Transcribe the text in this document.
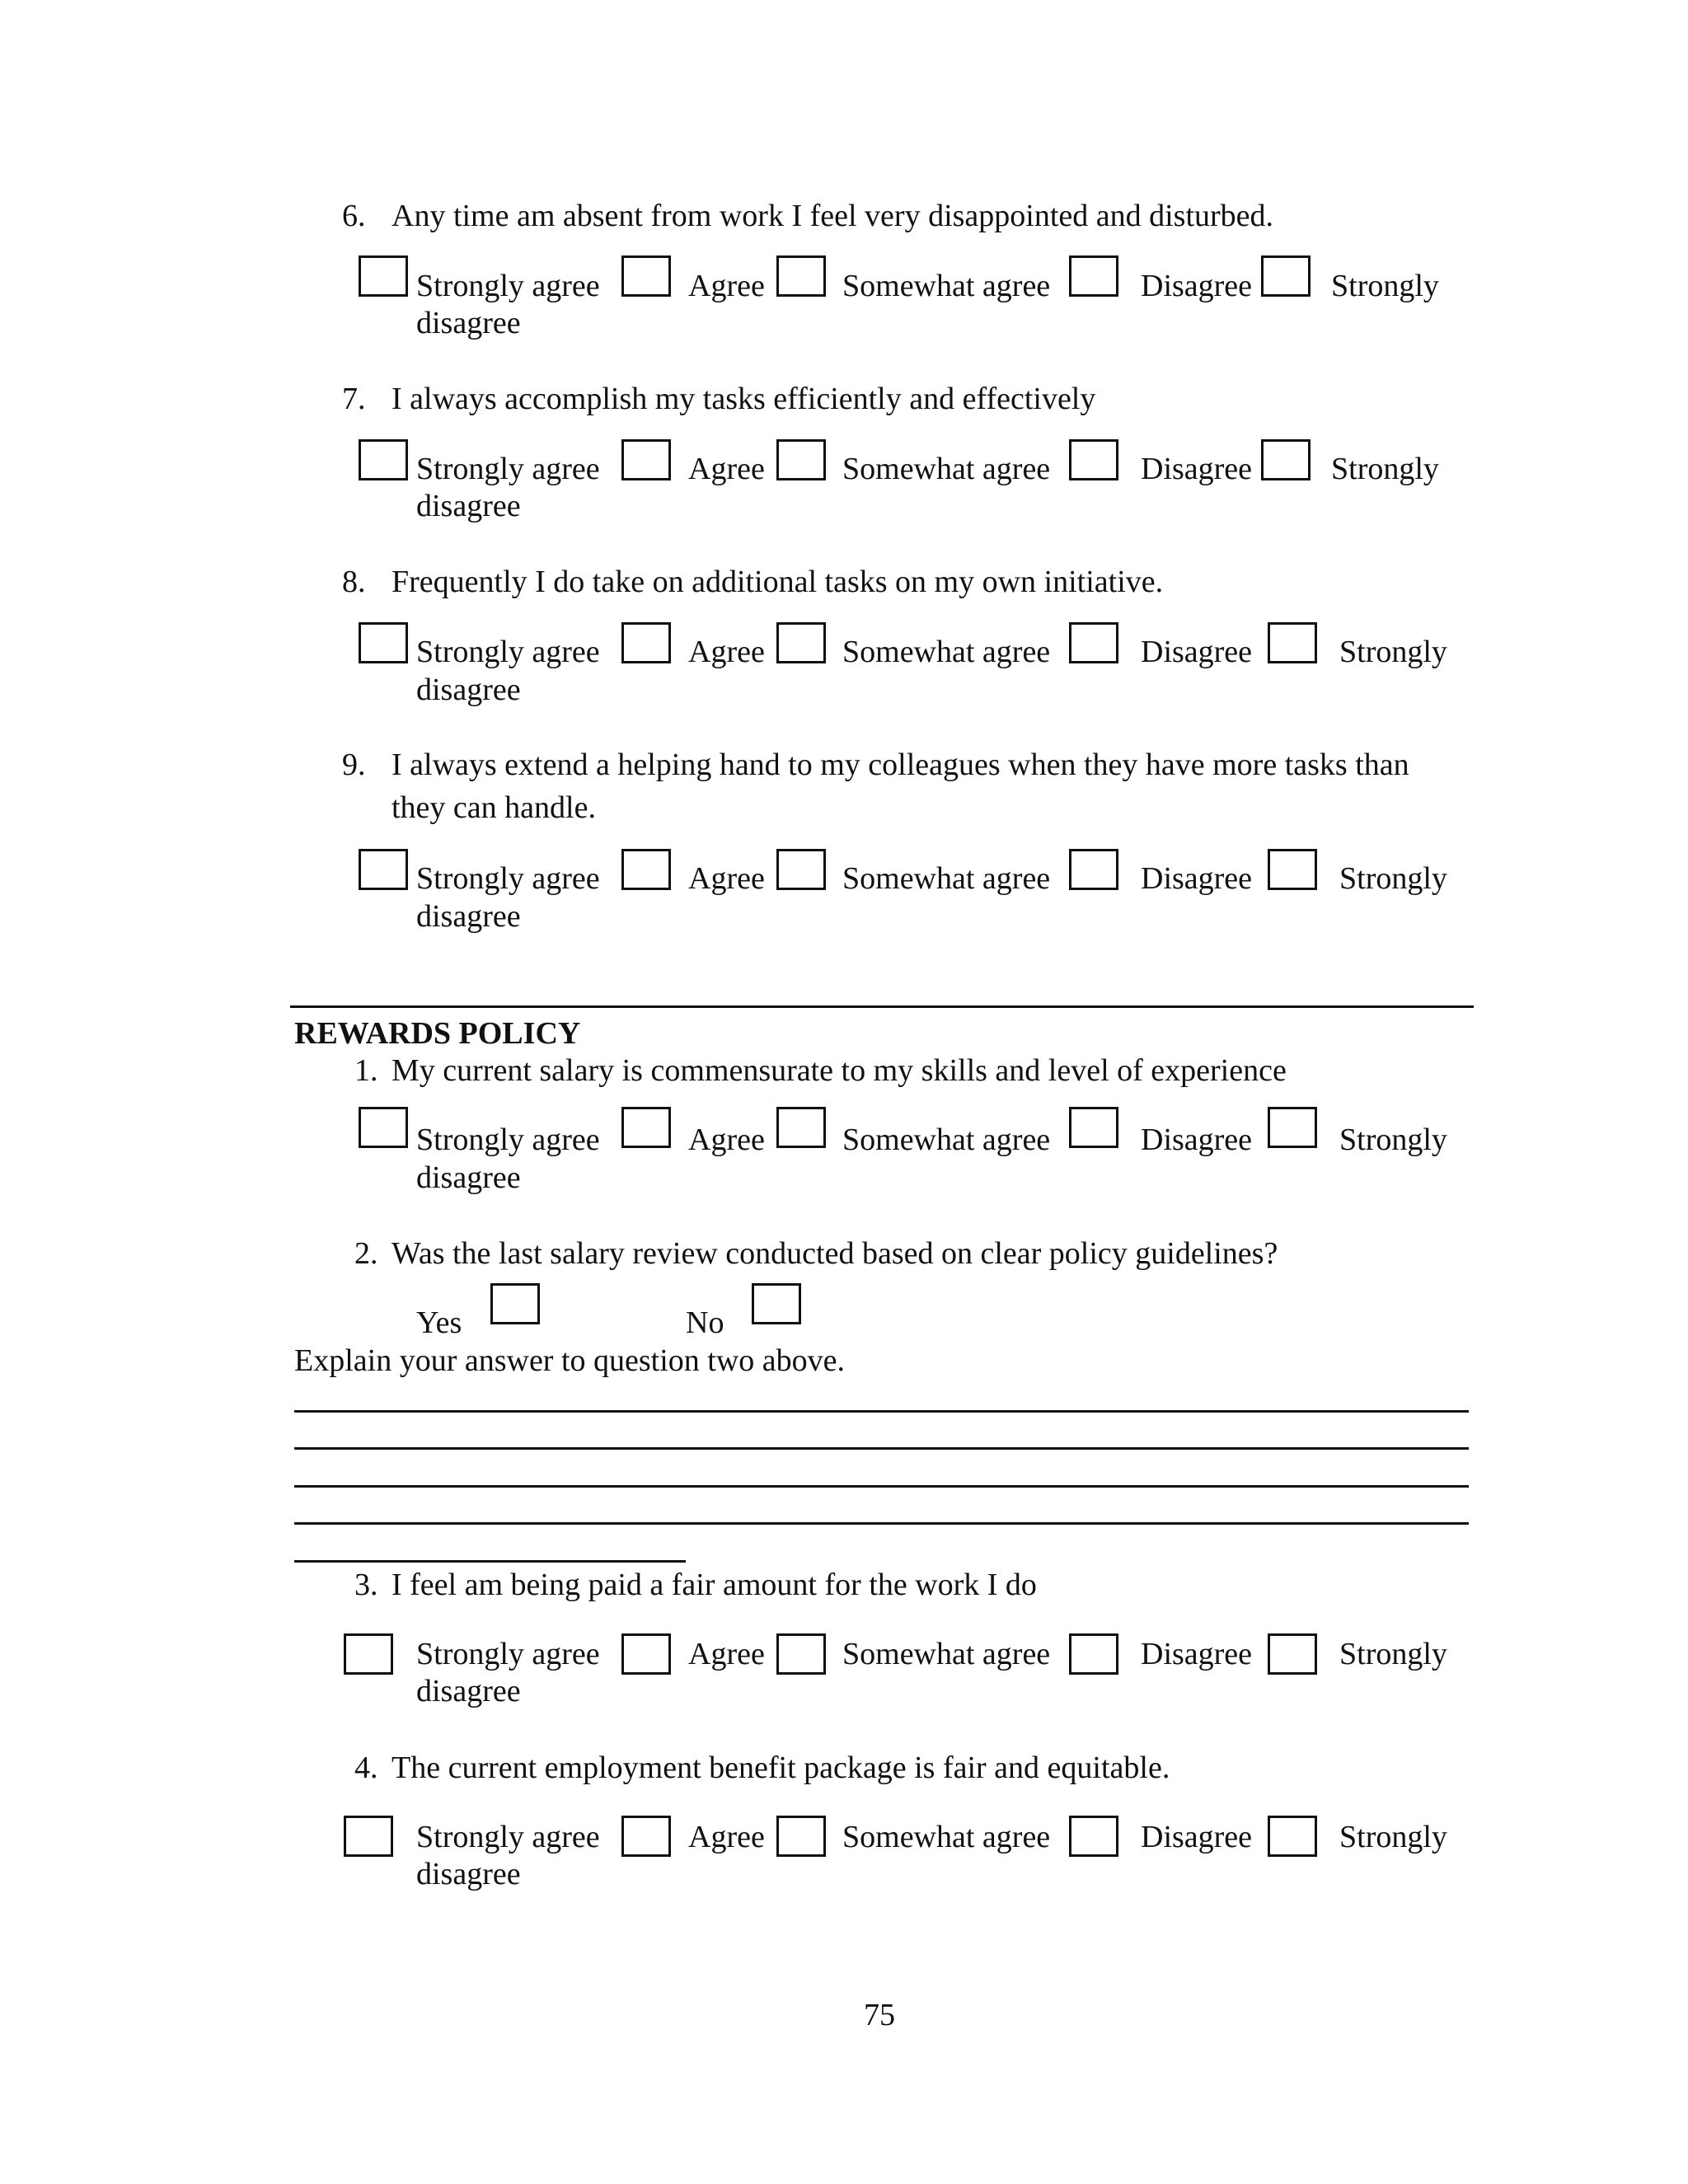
6. Any time am absent from work I feel very disappointed and disturbed.
Strongly agree	Agree Somewhat agree	Disagree	Strongly
disagree
7. I always accomplish my tasks efficiently and effectively
Strongly agree	Agree Somewhat agree	Disagree	Strongly
disagree
8. Frequently I do take on additional tasks on my own initiative.
Strongly agree	Agree Somewhat agree	Disagree	Strongly
disagree
9. I always extend a helping hand to my colleagues when they have more tasks than
they can handle.
Strongly agree	Agree Somewhat agree	Disagree	Strongly
disagree
REWARDS POLICY
1. My current salary is commensurate to my skills and level of experience
Strongly agree	Agree Somewhat agree	Disagree	Strongly
disagree
2. Was the last salary review conducted based on clear policy guidelines?
Yes	No
Explain your answer to question two above.
3. I feel am being paid a fair amount for the work I do
Strongly agree	Agree Somewhat agree	Disagree	Strongly
disagree
4. The current employment benefit package is fair and equitable.
Strongly agree	Agree Somewhat agree	Disagree	Strongly
disagree
75
